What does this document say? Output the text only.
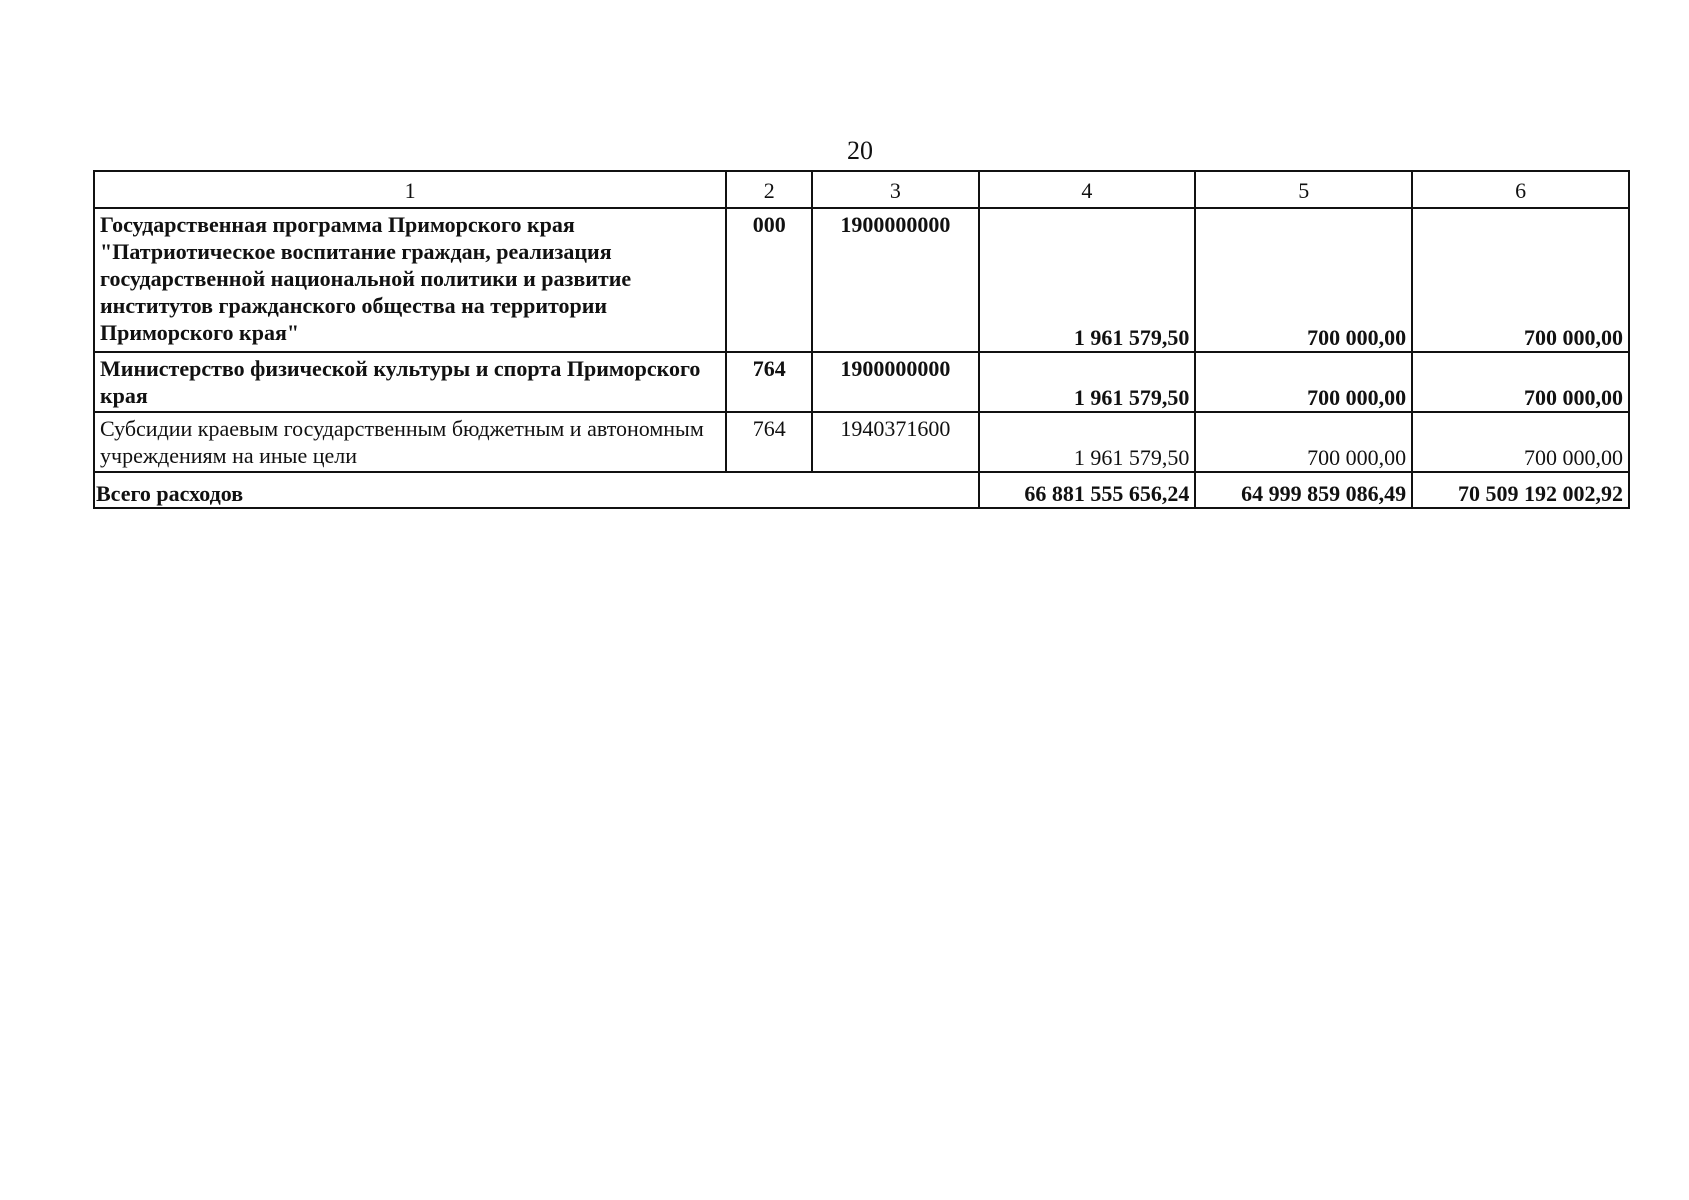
20
1	2	3	4	5	6
Государственная программа Приморского края "Патриотическое воспитание граждан, реализация государственной национальной политики и развитие институтов гражданского общества на территории Приморского края"	000	1900000000	1 961 579,50	700 000,00	700 000,00
Министерство физической культуры и спорта Приморского края	764	1900000000	1 961 579,50	700 000,00	700 000,00
Субсидии краевым государственным бюджетным и автономным учреждениям на иные цели	764	1940371600	1 961 579,50	700 000,00	700 000,00
Всего расходов			66 881 555 656,24	64 999 859 086,49	70 509 192 002,92
